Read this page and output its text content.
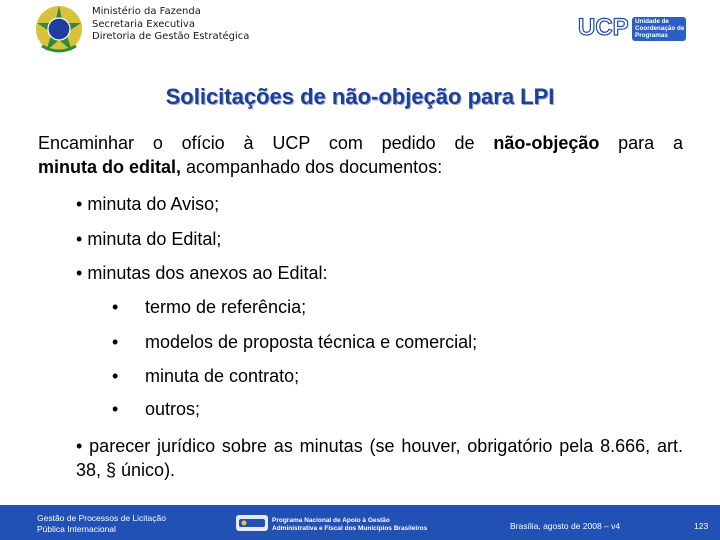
Ministério da Fazenda
Secretaria Executiva
Diretoria de Gestão Estratégica	UCP Unidade de
Coordenação de
Programas
Solicitações de não-objeção para LPI
Encaminhar o ofício à UCP com pedido de não-objeção para a
minuta do edital, acompanhado dos documentos:
• minuta do Aviso;
• minuta do Edital;
• minutas dos anexos ao Edital:
• termo de referência;
• modelos de proposta técnica e comercial;
• minuta de contrato;
• outros;
• parecer jurídico sobre as minutas (se houver, obrigatório pela 8.666, art. 38, § único).
Gestão de Processos de Licitação
Pública Internacional
Programa Nacional de Apoio à Gestão
Administrativa e Fiscal dos Municípios Brasileiros	Brasília, agosto de 2008 – v4	123
